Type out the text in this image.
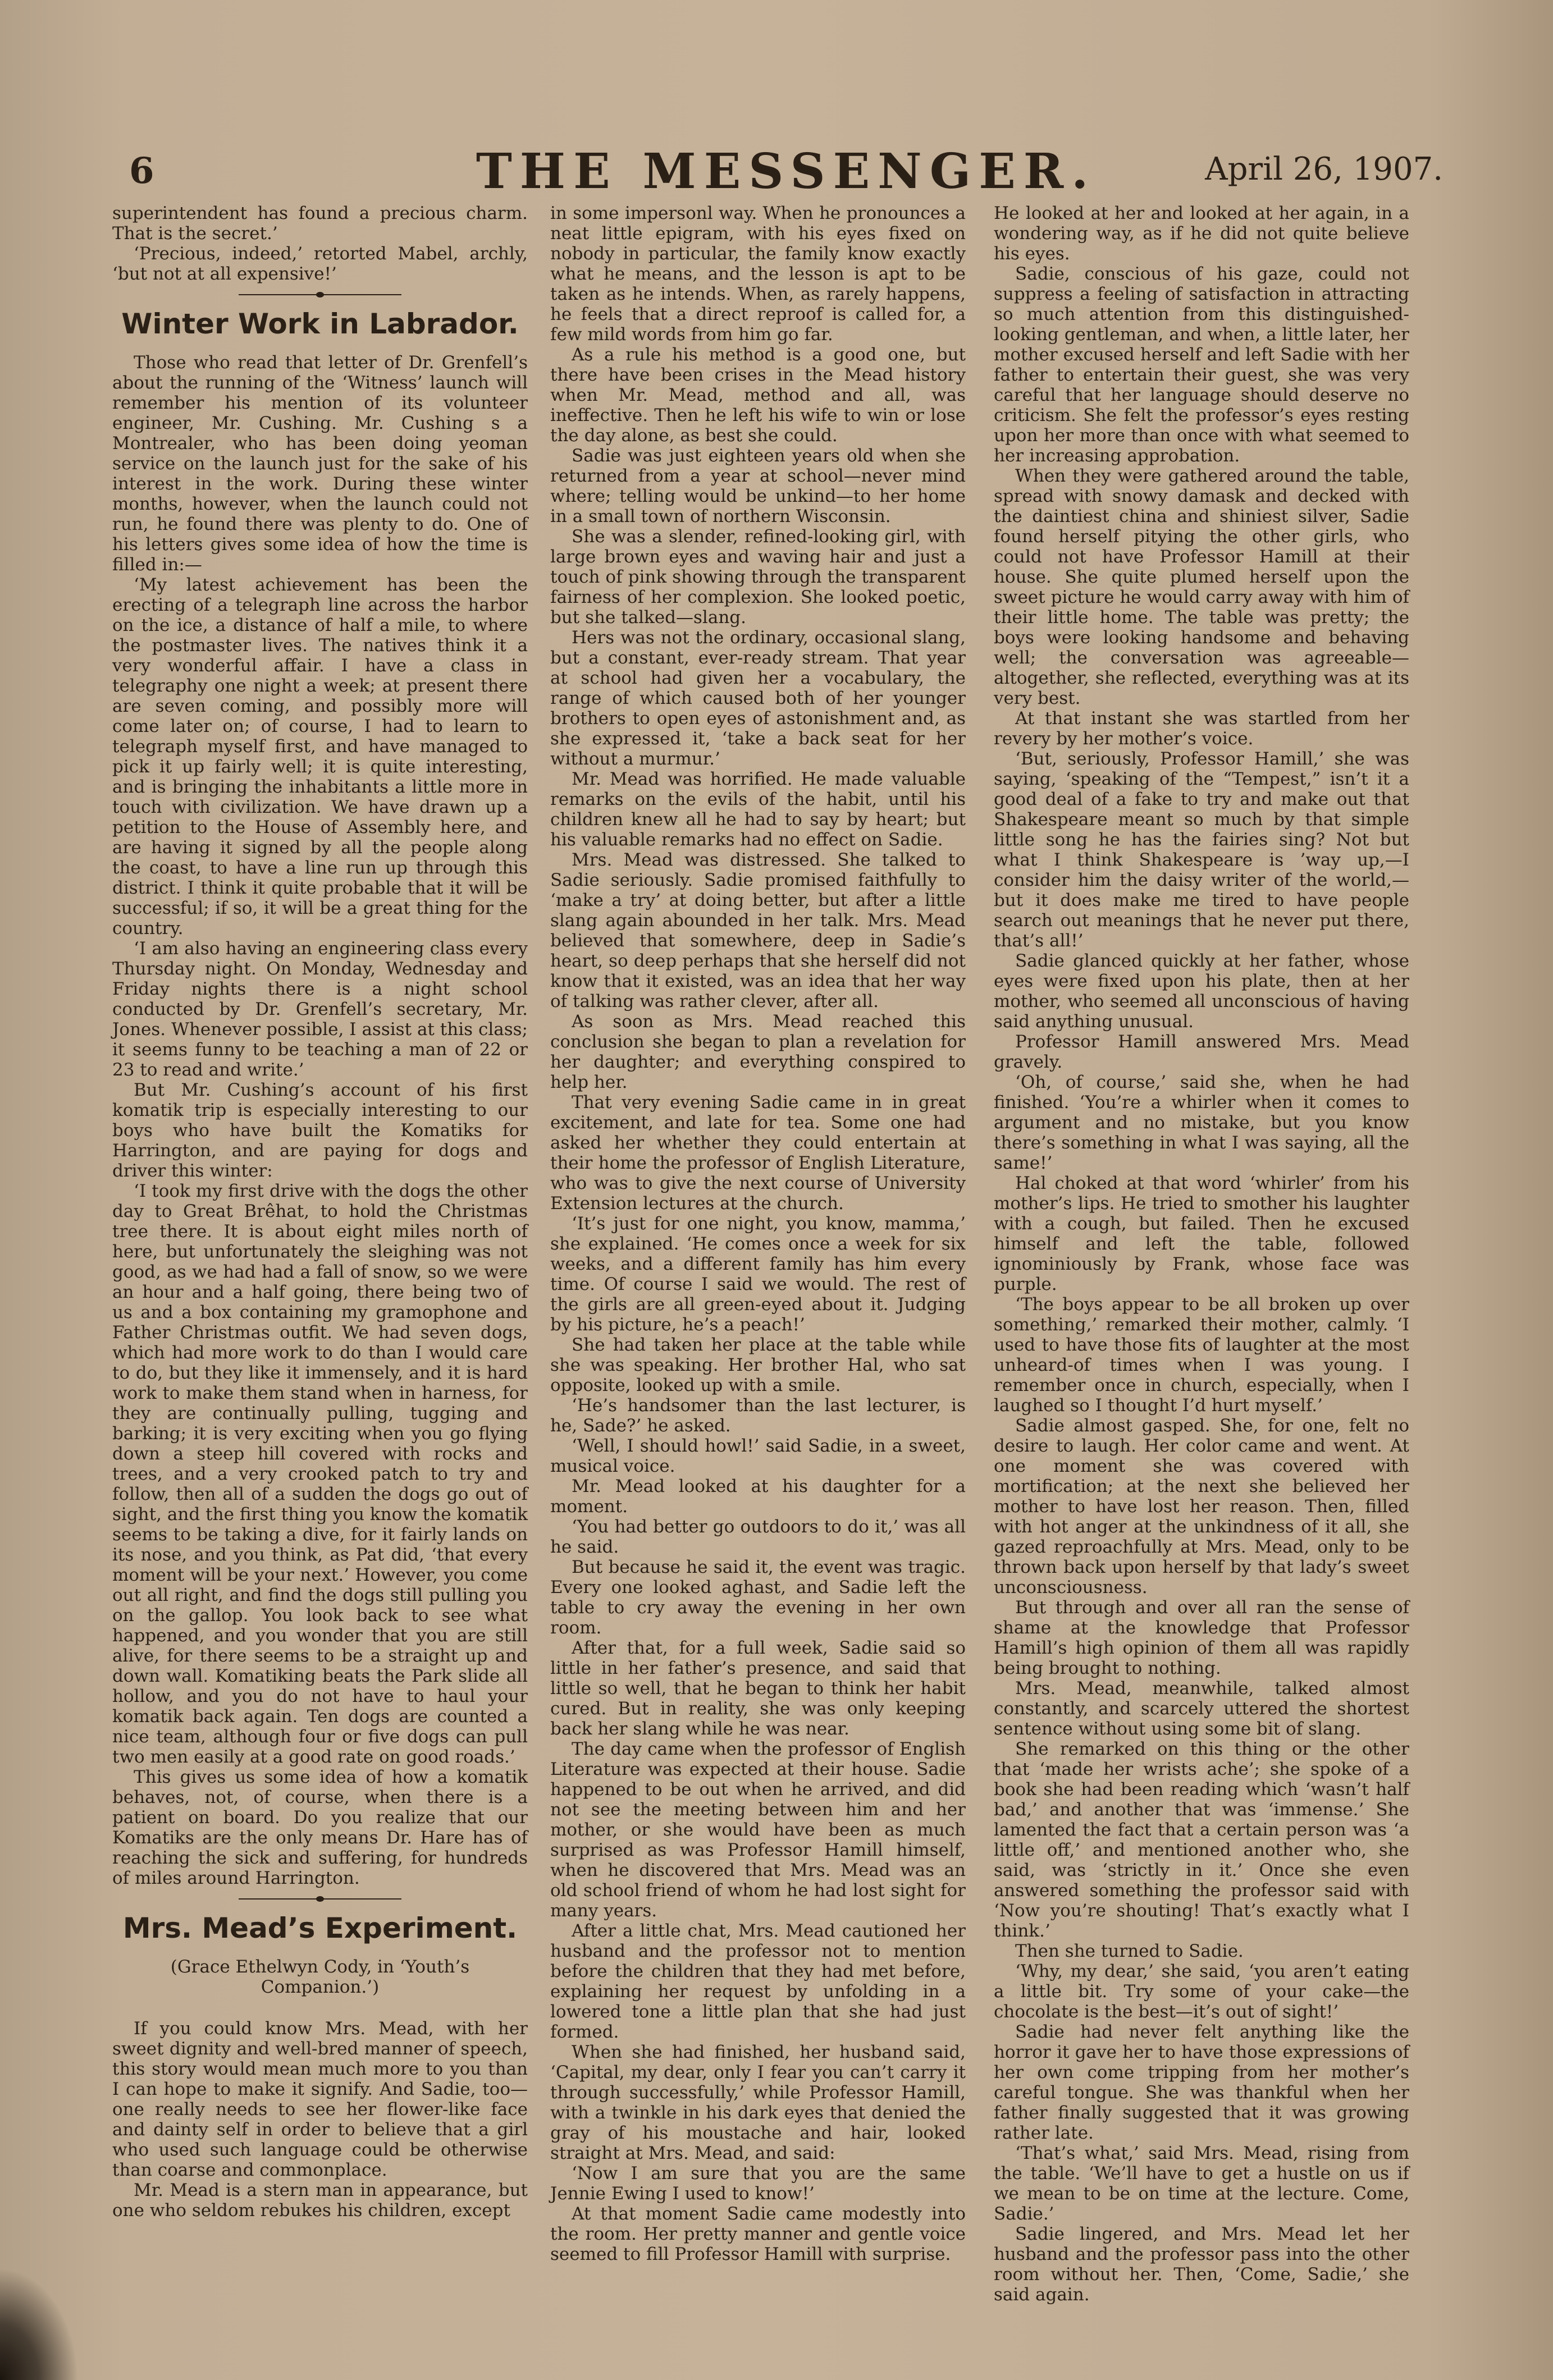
6	THE MESSENGER.	April 26, 1907.

superintendent has found a precious charm. That is the secret.’

‘Precious, indeed,’ retorted Mabel, archly, ‘but not at all expensive!’

Winter Work in Labrador.

Those who read that letter of Dr. Grenfell’s about the running of the ‘Witness’ launch will remember his mention of its volunteer engineer, Mr. Cushing. Mr. Cushing s a Montrealer, who has been doing yeoman service on the launch just for the sake of his interest in the work. During these winter months, however, when the launch could not run, he found there was plenty to do. One of his letters gives some idea of how the time is filled in:—

‘My latest achievement has been the erecting of a telegraph line across the harbor on the ice, a distance of half a mile, to where the postmaster lives. The natives think it a very wonderful affair. I have a class in telegraphy one night a week; at present there are seven coming, and possibly more will come later on; of course, I had to learn to telegraph myself first, and have managed to pick it up fairly well; it is quite interesting, and is bringing the inhabitants a little more in touch with civilization. We have drawn up a petition to the House of Assembly here, and are having it signed by all the people along the coast, to have a line run up through this district. I think it quite probable that it will be successful; if so, it will be a great thing for the country.

‘I am also having an engineering class every Thursday night. On Monday, Wednesday and Friday nights there is a night school conducted by Dr. Grenfell’s secretary, Mr. Jones. Whenever possible, I assist at this class; it seems funny to be teaching a man of 22 or 23 to read and write.’

But Mr. Cushing’s account of his first komatik trip is especially interesting to our boys who have built the Komatiks for Harrington, and are paying for dogs and driver this winter:

‘I took my first drive with the dogs the other day to Great Brêhat, to hold the Christmas tree there. It is about eight miles north of here, but unfortunately the sleighing was not good, as we had had a fall of snow, so we were an hour and a half going, there being two of us and a box containing my gramophone and Father Christmas outfit. We had seven dogs, which had more work to do than I would care to do, but they like it immensely, and it is hard work to make them stand when in harness, for they are continually pulling, tugging and barking; it is very exciting when you go flying down a steep hill covered with rocks and trees, and a very crooked patch to try and follow, then all of a sudden the dogs go out of sight, and the first thing you know the komatik seems to be taking a dive, for it fairly lands on its nose, and you think, as Pat did, ‘that every moment will be your next.’ However, you come out all right, and find the dogs still pulling you on the gallop. You look back to see what happened, and you wonder that you are still alive, for there seems to be a straight up and down wall. Komatiking beats the Park slide all hollow, and you do not have to haul your komatik back again. Ten dogs are counted a nice team, although four or five dogs can pull two men easily at a good rate on good roads.’

This gives us some idea of how a komatik behaves, not, of course, when there is a patient on board. Do you realize that our Komatiks are the only means Dr. Hare has of reaching the sick and suffering, for hundreds of miles around Harrington.

Mrs. Mead’s Experiment.
(Grace Ethelwyn Cody, in ‘Youth’s Companion.’)

If you could know Mrs. Mead, with her sweet dignity and well-bred manner of speech, this story would mean much more to you than I can hope to make it signify. And Sadie, too—one really needs to see her flower-like face and dainty self in order to believe that a girl who used such language could be otherwise than coarse and commonplace.

Mr. Mead is a stern man in appearance, but one who seldom rebukes his children, except

in some impersonl way. When he pronounces a neat little epigram, with his eyes fixed on nobody in particular, the family know exactly what he means, and the lesson is apt to be taken as he intends. When, as rarely happens, he feels that a direct reproof is called for, a few mild words from him go far.

As a rule his method is a good one, but there have been crises in the Mead history when Mr. Mead, method and all, was ineffective. Then he left his wife to win or lose the day alone, as best she could.

Sadie was just eighteen years old when she returned from a year at school—never mind where; telling would be unkind—to her home in a small town of northern Wisconsin.

She was a slender, refined-looking girl, with large brown eyes and waving hair and just a touch of pink showing through the transparent fairness of her complexion. She looked poetic, but she talked—slang.

Hers was not the ordinary, occasional slang, but a constant, ever-ready stream. That year at school had given her a vocabulary, the range of which caused both of her younger brothers to open eyes of astonishment and, as she expressed it, ‘take a back seat for her without a murmur.’

Mr. Mead was horrified. He made valuable remarks on the evils of the habit, until his children knew all he had to say by heart; but his valuable remarks had no effect on Sadie.

Mrs. Mead was distressed. She talked to Sadie seriously. Sadie promised faithfully to ‘make a try’ at doing better, but after a little slang again abounded in her talk. Mrs. Mead believed that somewhere, deep in Sadie’s heart, so deep perhaps that she herself did not know that it existed, was an idea that her way of talking was rather clever, after all.

As soon as Mrs. Mead reached this conclusion she began to plan a revelation for her daughter; and everything conspired to help her.

That very evening Sadie came in in great excitement, and late for tea. Some one had asked her whether they could entertain at their home the professor of English Literature, who was to give the next course of University Extension lectures at the church.

‘It’s just for one night, you know, mamma,’ she explained. ‘He comes once a week for six weeks, and a different family has him every time. Of course I said we would. The rest of the girls are all green-eyed about it. Judging by his picture, he’s a peach!’

She had taken her place at the table while she was speaking. Her brother Hal, who sat opposite, looked up with a smile.

‘He’s handsomer than the last lecturer, is he, Sade?’ he asked.

‘Well, I should howl!’ said Sadie, in a sweet, musical voice.

Mr. Mead looked at his daughter for a moment.

‘You had better go outdoors to do it,’ was all he said.

But because he said it, the event was tragic. Every one looked aghast, and Sadie left the table to cry away the evening in her own room.

After that, for a full week, Sadie said so little in her father’s presence, and said that little so well, that he began to think her habit cured. But in reality, she was only keeping back her slang while he was near.

The day came when the professor of English Literature was expected at their house. Sadie happened to be out when he arrived, and did not see the meeting between him and her mother, or she would have been as much surprised as was Professor Hamill himself, when he discovered that Mrs. Mead was an old school friend of whom he had lost sight for many years.

After a little chat, Mrs. Mead cautioned her husband and the professor not to mention before the children that they had met before, explaining her request by unfolding in a lowered tone a little plan that she had just formed.

When she had finished, her husband said, ‘Capital, my dear, only I fear you can’t carry it through successfully,’ while Professor Hamill, with a twinkle in his dark eyes that denied the gray of his moustache and hair, looked straight at Mrs. Mead, and said:

‘Now I am sure that you are the same Jennie Ewing I used to know!’

At that moment Sadie came modestly into the room. Her pretty manner and gentle voice seemed to fill Professor Hamill with surprise.

He looked at her and looked at her again, in a wondering way, as if he did not quite believe his eyes.

Sadie, conscious of his gaze, could not suppress a feeling of satisfaction in attracting so much attention from this distinguished-looking gentleman, and when, a little later, her mother excused herself and left Sadie with her father to entertain their guest, she was very careful that her language should deserve no criticism. She felt the professor’s eyes resting upon her more than once with what seemed to her increasing approbation.

When they were gathered around the table, spread with snowy damask and decked with the daintiest china and shiniest silver, Sadie found herself pitying the other girls, who could not have Professor Hamill at their house. She quite plumed herself upon the sweet picture he would carry away with him of their little home. The table was pretty; the boys were looking handsome and behaving well; the conversation was agreeable—altogether, she reflected, everything was at its very best.

At that instant she was startled from her revery by her mother’s voice.

‘But, seriously, Professor Hamill,’ she was saying, ‘speaking of the “Tempest,” isn’t it a good deal of a fake to try and make out that Shakespeare meant so much by that simple little song he has the fairies sing? Not but what I think Shakespeare is ’way up,—I consider him the daisy writer of the world,—but it does make me tired to have people search out meanings that he never put there, that’s all!’

Sadie glanced quickly at her father, whose eyes were fixed upon his plate, then at her mother, who seemed all unconscious of having said anything unusual.

Professor Hamill answered Mrs. Mead gravely.

‘Oh, of course,’ said she, when he had finished. ‘You’re a whirler when it comes to argument and no mistake, but you know there’s something in what I was saying, all the same!’

Hal choked at that word ‘whirler’ from his mother’s lips. He tried to smother his laughter with a cough, but failed. Then he excused himself and left the table, followed ignominiously by Frank, whose face was purple.

‘The boys appear to be all broken up over something,’ remarked their mother, calmly. ‘I used to have those fits of laughter at the most unheard-of times when I was young. I remember once in church, especially, when I laughed so I thought I’d hurt myself.’

Sadie almost gasped. She, for one, felt no desire to laugh. Her color came and went. At one moment she was covered with mortification; at the next she believed her mother to have lost her reason. Then, filled with hot anger at the unkindness of it all, she gazed reproachfully at Mrs. Mead, only to be thrown back upon herself by that lady’s sweet unconsciousness.

But through and over all ran the sense of shame at the knowledge that Professor Hamill’s high opinion of them all was rapidly being brought to nothing.

Mrs. Mead, meanwhile, talked almost constantly, and scarcely uttered the shortest sentence without using some bit of slang.

She remarked on this thing or the other that ‘made her wrists ache’; she spoke of a book she had been reading which ‘wasn’t half bad,’ and another that was ‘immense.’ She lamented the fact that a certain person was ‘a little off,’ and mentioned another who, she said, was ‘strictly in it.’ Once she even answered something the professor said with ‘Now you’re shouting! That’s exactly what I think.’

Then she turned to Sadie.

‘Why, my dear,’ she said, ‘you aren’t eating a little bit. Try some of your cake—the chocolate is the best—it’s out of sight!’

Sadie had never felt anything like the horror it gave her to have those expressions of her own come tripping from her mother’s careful tongue. She was thankful when her father finally suggested that it was growing rather late.

‘That’s what,’ said Mrs. Mead, rising from the table. ‘We’ll have to get a hustle on us if we mean to be on time at the lecture. Come, Sadie.’

Sadie lingered, and Mrs. Mead let her husband and the professor pass into the other room without her. Then, ‘Come, Sadie,’ she said again.
